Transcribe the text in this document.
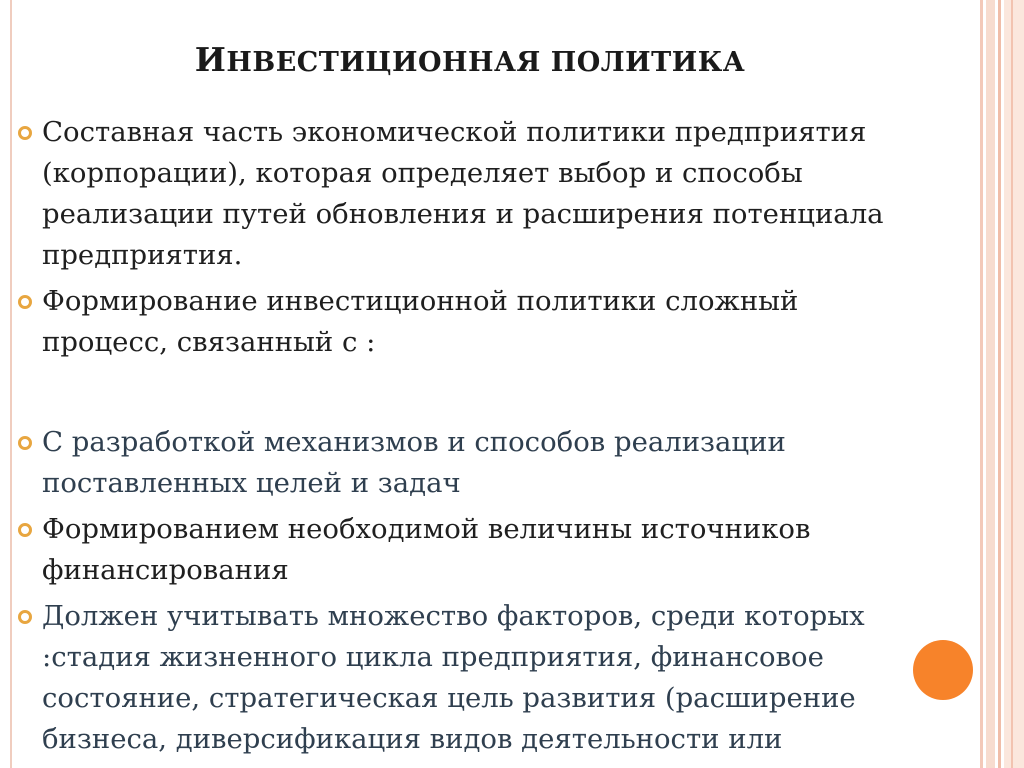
ИНВЕСТИЦИОННАЯ ПОЛИТИКА
Составная часть экономической политики предприятия
(корпорации), которая определяет выбор и способы
реализации путей обновления и расширения потенциала
предприятия.
Формирование инвестиционной политики сложный
процесс, связанный с :
С разработкой механизмов и способов реализации
поставленных целей и задач
Формированием необходимой величины источников
финансирования
Должен учитывать множество факторов, среди которых
:стадия жизненного цикла предприятия, финансовое
состояние, стратегическая цель развития (расширение
бизнеса, диверсификация видов деятельности или
